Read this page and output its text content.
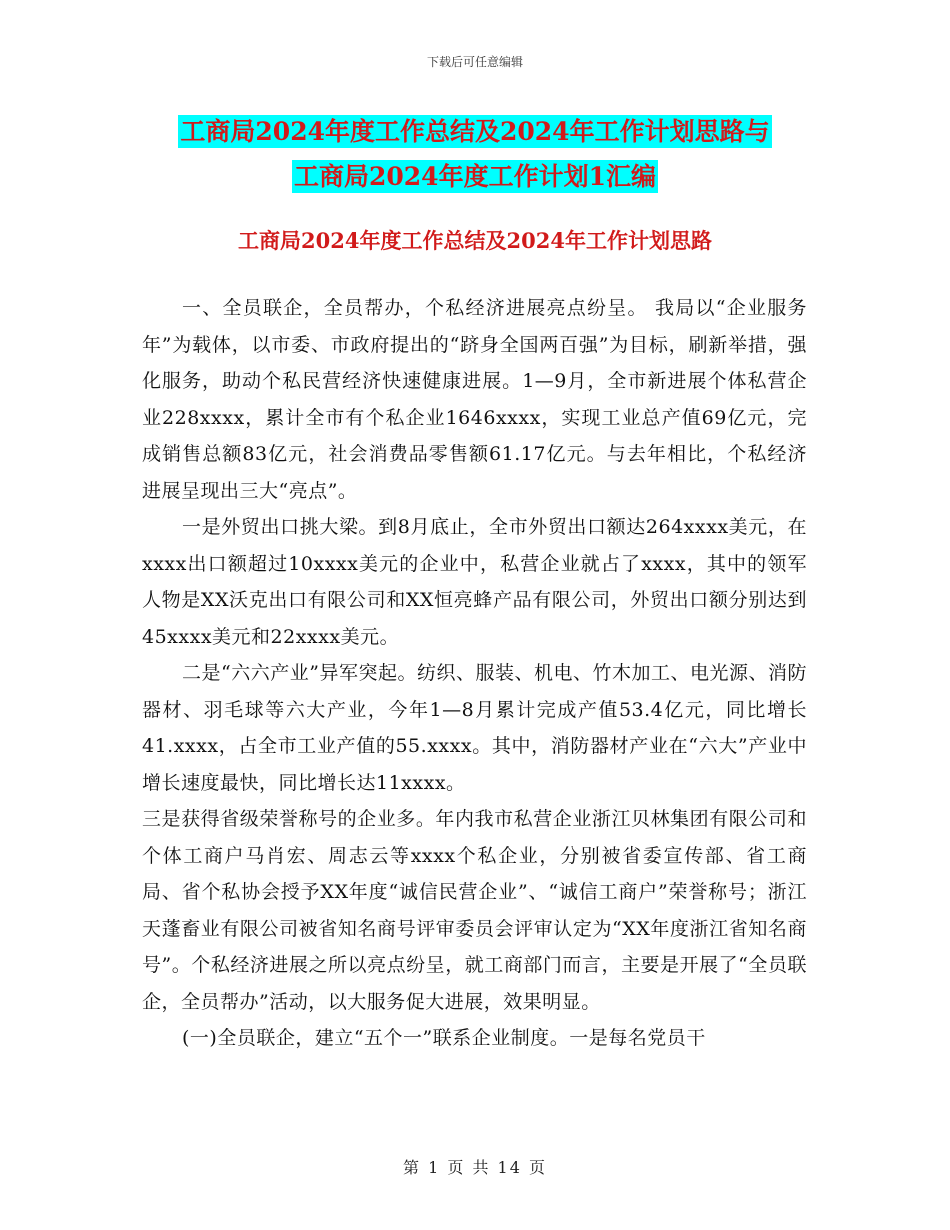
下载后可任意编辑
工商局2024年度工作总结及2024年工作计划思路与
工商局2024年度工作计划1汇编
工商局2024年度工作总结及2024年工作计划思路

一、全员联企，全员帮办，个私经济进展亮点纷呈。 我局以“企业服务年”为载体，以市委、市政府提出的“跻身全国两百强”为目标，刷新举措，强化服务，助动个私民营经济快速健康进展。1—9月，全市新进展个体私营企业228xxxx，累计全市有个私企业1646xxxx，实现工业总产值69亿元，完成销售总额83亿元，社会消费品零售额61.17亿元。与去年相比，个私经济进展呈现出三大“亮点”。

一是外贸出口挑大梁。到8月底止，全市外贸出口额达264xxxx美元，在xxxx出口额超过10xxxx美元的企业中，私营企业就占了xxxx，其中的领军人物是XX沃克出口有限公司和XX恒亮蜂产品有限公司，外贸出口额分别达到45xxxx美元和22xxxx美元。

二是“六六产业”异军突起。纺织、服装、机电、竹木加工、电光源、消防器材、羽毛球等六大产业，今年1—8月累计完成产值53.4亿元，同比增长41.xxxx，占全市工业产值的55.xxxx。其中，消防器材产业在“六大”产业中增长速度最快，同比增长达11xxxx。

三是获得省级荣誉称号的企业多。年内我市私营企业浙江贝林集团有限公司和个体工商户马肖宏、周志云等xxxx个私企业，分别被省委宣传部、省工商局、省个私协会授予XX年度“诚信民营企业”、“诚信工商户”荣誉称号；浙江天蓬畜业有限公司被省知名商号评审委员会评审认定为“XX年度浙江省知名商号”。个私经济进展之所以亮点纷呈，就工商部门而言，主要是开展了“全员联企，全员帮办”活动，以大服务促大进展，效果明显。

(一)全员联企，建立“五个一”联系企业制度。一是每名党员干

第 1 页 共 14 页
